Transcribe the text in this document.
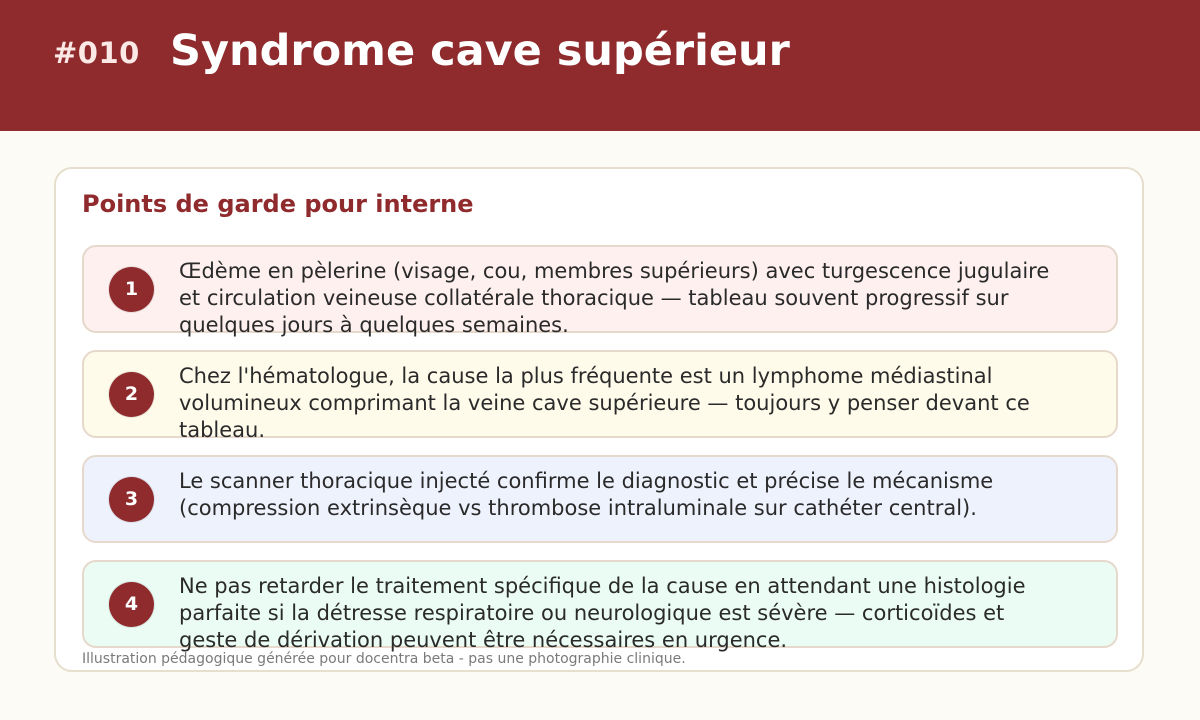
#010 Syndrome cave supérieur
Points de garde pour interne
1
Œdème en pèlerine (visage, cou, membres supérieurs) avec turgescence jugulaire et circulation veineuse collatérale thoracique — tableau souvent progressif sur quelques jours à quelques semaines.
2
Chez l'hématologue, la cause la plus fréquente est un lymphome médiastinal volumineux comprimant la veine cave supérieure — toujours y penser devant ce tableau.
3
Le scanner thoracique injecté confirme le diagnostic et précise le mécanisme (compression extrinsèque vs thrombose intraluminale sur cathéter central).
4
Ne pas retarder le traitement spécifique de la cause en attendant une histologie parfaite si la détresse respiratoire ou neurologique est sévère — corticoïdes et geste de dérivation peuvent être nécessaires en urgence.
Illustration pédagogique générée pour docentra beta - pas une photographie clinique.
